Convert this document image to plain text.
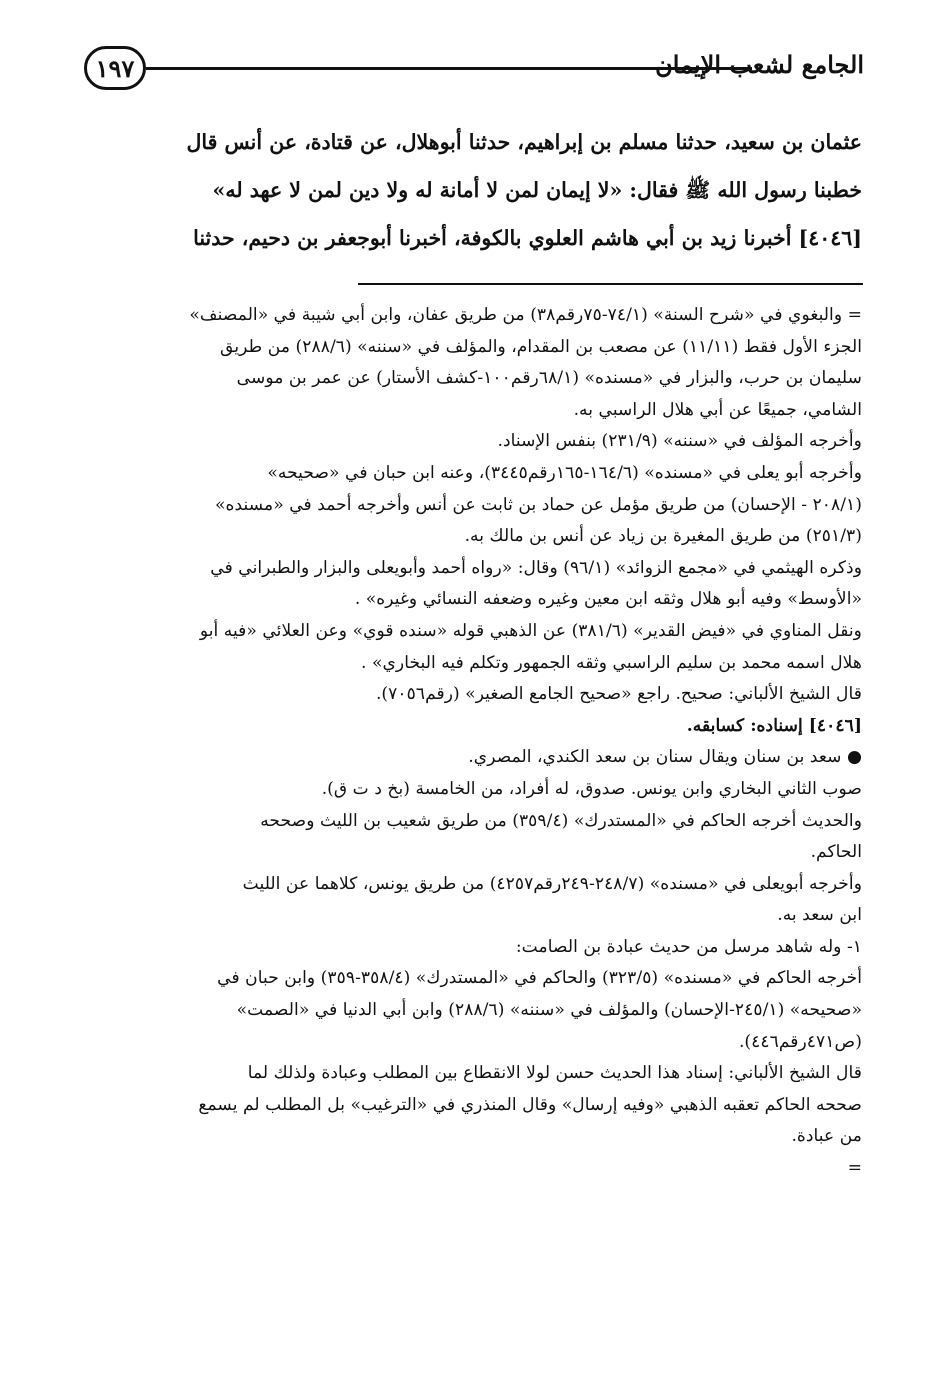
١٩٧	الجامع لشعب الإيمان
عثمان بن سعيد، حدثنا مسلم بن إبراهيم، حدثنا أبوهلال، عن قتادة، عن أنس قال
خطبنا رسول الله ﷺ فقال: «لا إيمان لمن لا أمانة له ولا دين لمن لا عهد له»
[٤٠٤٦] أخبرنا زيد بن أبي هاشم العلوي بالكوفة، أخبرنا أبوجعفر بن دحيم، حدثنا
= والبغوي في «شرح السنة» (٧٤/١-٧٥رقم٣٨) من طريق عفان، وابن أبي شيبة في «المصنف»
الجزء الأول فقط (١١/١١) عن مصعب بن المقدام، والمؤلف في «سننه» (٢٨٨/٦) من طريق
سليمان بن حرب، والبزار في «مسنده» (٦٨/١رقم١٠٠-كشف الأستار) عن عمر بن موسى
الشامي، جميعًا عن أبي هلال الراسبي به.
وأخرجه المؤلف في «سننه» (٢٣١/٩) بنفس الإسناد.
وأخرجه أبو يعلى في «مسنده» (١٦٤/٦-١٦٥رقم٣٤٤٥)، وعنه ابن حبان في «صحيحه»
(٢٠٨/١ - الإحسان) من طريق مؤمل عن حماد بن ثابت عن أنس وأخرجه أحمد في «مسنده»
(٢٥١/٣) من طريق المغيرة بن زياد عن أنس بن مالك به.
وذكره الهيثمي في «مجمع الزوائد» (٩٦/١) وقال: «رواه أحمد وأبويعلى والبزار والطبراني في
«الأوسط» وفيه أبو هلال وثقه ابن معين وغيره وضعفه النسائي وغيره» .
ونقل المناوي في «فيض القدير» (٣٨١/٦) عن الذهبي قوله «سنده قوي» وعن العلائي «فيه أبو
هلال اسمه محمد بن سليم الراسبي وثقه الجمهور وتكلم فيه البخاري» .
قال الشيخ الألباني: صحيح. راجع «صحيح الجامع الصغير» (رقم٧٠٥٦).
[٤٠٤٦] إسناده: كسابقه.
● سعد بن سنان ويقال سنان بن سعد الكندي، المصري.
صوب الثاني البخاري وابن يونس. صدوق، له أفراد، من الخامسة (بخ د ت ق).
والحديث أخرجه الحاكم في «المستدرك» (٣٥٩/٤) من طريق شعيب بن الليث وصححه
الحاكم.
وأخرجه أبويعلى في «مسنده» (٢٤٨/٧-٢٤٩رقم٤٢٥٧) من طريق يونس، كلاهما عن الليث
ابن سعد به.
١- وله شاهد مرسل من حديث عبادة بن الصامت:
أخرجه الحاكم في «مسنده» (٣٢٣/٥) والحاكم في «المستدرك» (٣٥٨/٤-٣٥٩) وابن حبان في
«صحيحه» (٢٤٥/١-الإحسان) والمؤلف في «سننه» (٢٨٨/٦) وابن أبي الدنيا في «الصمت»
(ص٤٧١رقم٤٤٦).
قال الشيخ الألباني: إسناد هذا الحديث حسن لولا الانقطاع بين المطلب وعبادة ولذلك لما
صححه الحاكم تعقبه الذهبي «وفيه إرسال» وقال المنذري في «الترغيب» بل المطلب لم يسمع
من عبادة.
=
